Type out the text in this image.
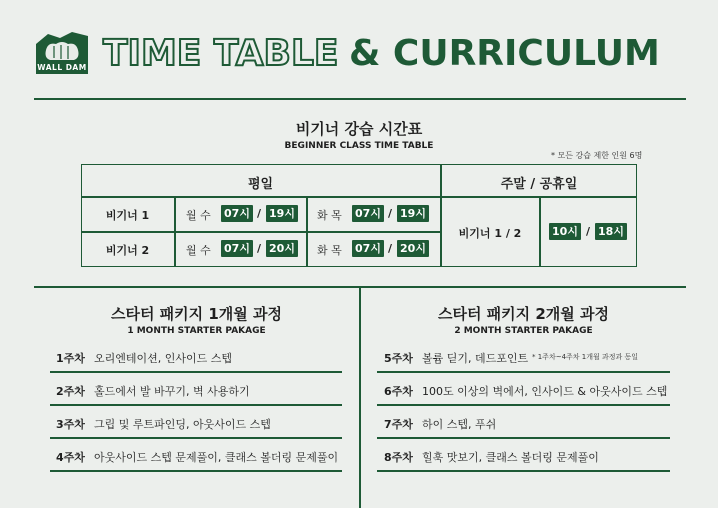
WALL DAM TIME TABLE & CURRICULUM
비기너 강습 시간표
BEGINNER CLASS TIME TABLE
* 모든 강습 제한 인원 6명
평일	주말 / 공휴일
비기너 1	월 수 07시 / 19시 화 목 07시 / 19시
비기너 2	월 수 07시 / 20시 화 목 07시 / 20시
비기너 1 / 2	10시 / 18시
스타터 패키지 1개월 과정
1 MONTH STARTER PAKAGE
1주차 오리엔테이션, 인사이드 스텝
2주차 홀드에서 발 바꾸기, 벽 사용하기
3주차 그립 및 루트파인딩, 아웃사이드 스텝
4주차 아웃사이드 스텝 문제풀이, 클래스 볼더링 문제풀이
스타터 패키지 2개월 과정
2 MONTH STARTER PAKAGE
5주차 볼륨 딛기, 데드포인트 * 1주차~4주차 1개월 과정과 동일
6주차 100도 이상의 벽에서, 인사이드 & 아웃사이드 스텝
7주차 하이 스텝, 푸쉬
8주차 힐훅 맛보기, 클래스 볼더링 문제풀이
